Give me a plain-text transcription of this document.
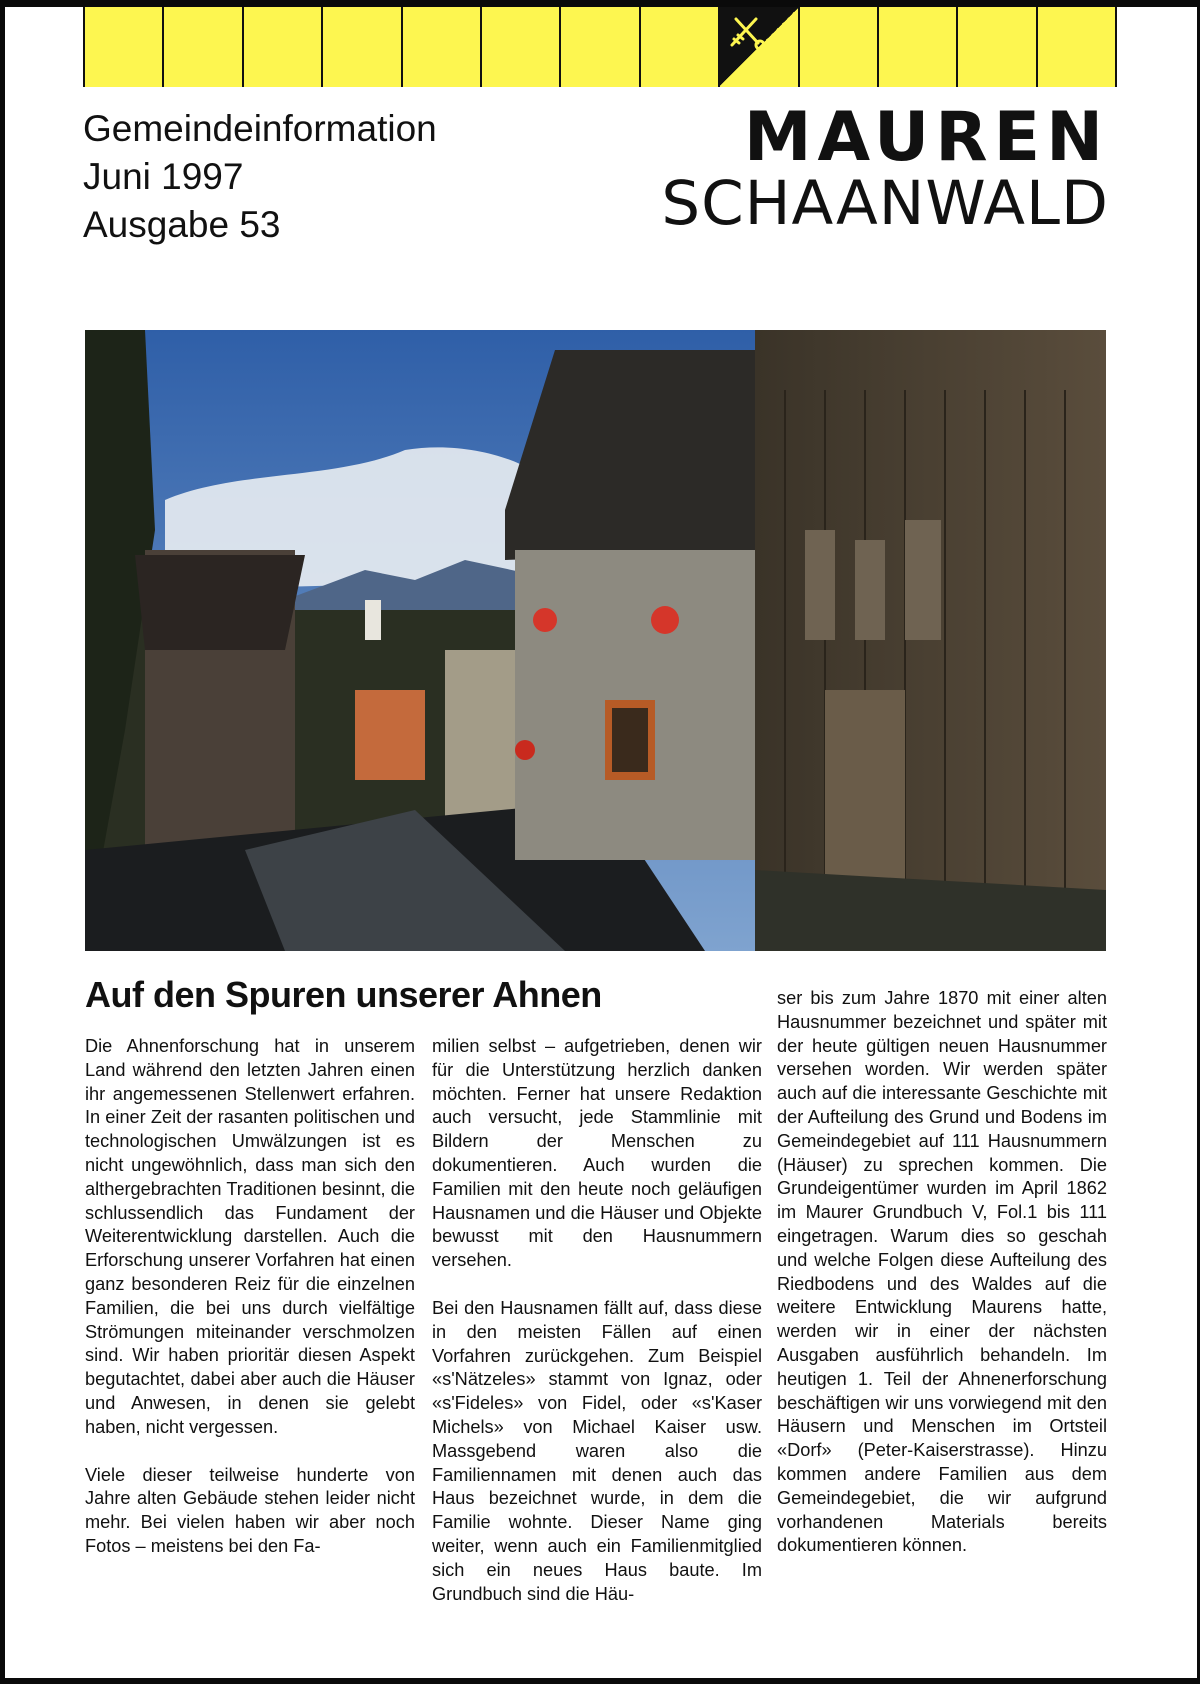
Gemeindeinformation
Juni 1997
Ausgabe 53
MAUREN
SCHAANWALD
Auf den Spuren unserer Ahnen

Die Ahnenforschung hat in unserem Land während den letzten Jahren einen ihr angemessenen Stellenwert erfahren. In einer Zeit der rasanten politischen und technologischen Umwälzungen ist es nicht ungewöhnlich, dass man sich den althergebrachten Traditionen besinnt, die schlussendlich das Fundament der Weiterentwicklung darstellen. Auch die Erforschung unserer Vorfahren hat einen ganz besonderen Reiz für die einzelnen Familien, die bei uns durch vielfältige Strömungen miteinander verschmolzen sind. Wir haben prioritär diesen Aspekt begutachtet, dabei aber auch die Häuser und Anwesen, in denen sie gelebt haben, nicht vergessen.

Viele dieser teilweise hunderte von Jahre alten Gebäude stehen leider nicht mehr. Bei vielen haben wir aber noch Fotos – meistens bei den Fa-

milien selbst – aufgetrieben, denen wir für die Unterstützung herzlich danken möchten. Ferner hat unsere Redaktion auch versucht, jede Stammlinie mit Bildern der Menschen zu dokumentieren. Auch wurden die Familien mit den heute noch geläufigen Hausnamen und die Häuser und Objekte bewusst mit den Hausnummern versehen.

Bei den Hausnamen fällt auf, dass diese in den meisten Fällen auf einen Vorfahren zurückgehen. Zum Beispiel «s'Nätzeles» stammt von Ignaz, oder «s'Fideles» von Fidel, oder «s'Kaser Michels» von Michael Kaiser usw. Massgebend waren also die Familiennamen mit denen auch das Haus bezeichnet wurde, in dem die Familie wohnte. Dieser Name ging weiter, wenn auch ein Familienmitglied sich ein neues Haus baute. Im Grundbuch sind die Häu-

ser bis zum Jahre 1870 mit einer alten Hausnummer bezeichnet und später mit der heute gültigen neuen Hausnummer versehen worden. Wir werden später auch auf die interessante Geschichte mit der Aufteilung des Grund und Bodens im Gemeindegebiet auf 111 Hausnummern (Häuser) zu sprechen kommen. Die Grundeigentümer wurden im April 1862 im Maurer Grundbuch V, Fol.1 bis 111 eingetragen. Warum dies so geschah und welche Folgen diese Aufteilung des Riedbodens und des Waldes auf die weitere Entwicklung Maurens hatte, werden wir in einer der nächsten Ausgaben ausführlich behandeln. Im heutigen 1. Teil der Ahnenerforschung beschäftigen wir uns vorwiegend mit den Häusern und Menschen im Ortsteil «Dorf» (Peter-Kaiserstrasse). Hinzu kommen andere Familien aus dem Gemeindegebiet, die wir aufgrund vorhandenen Materials bereits dokumentieren können.
